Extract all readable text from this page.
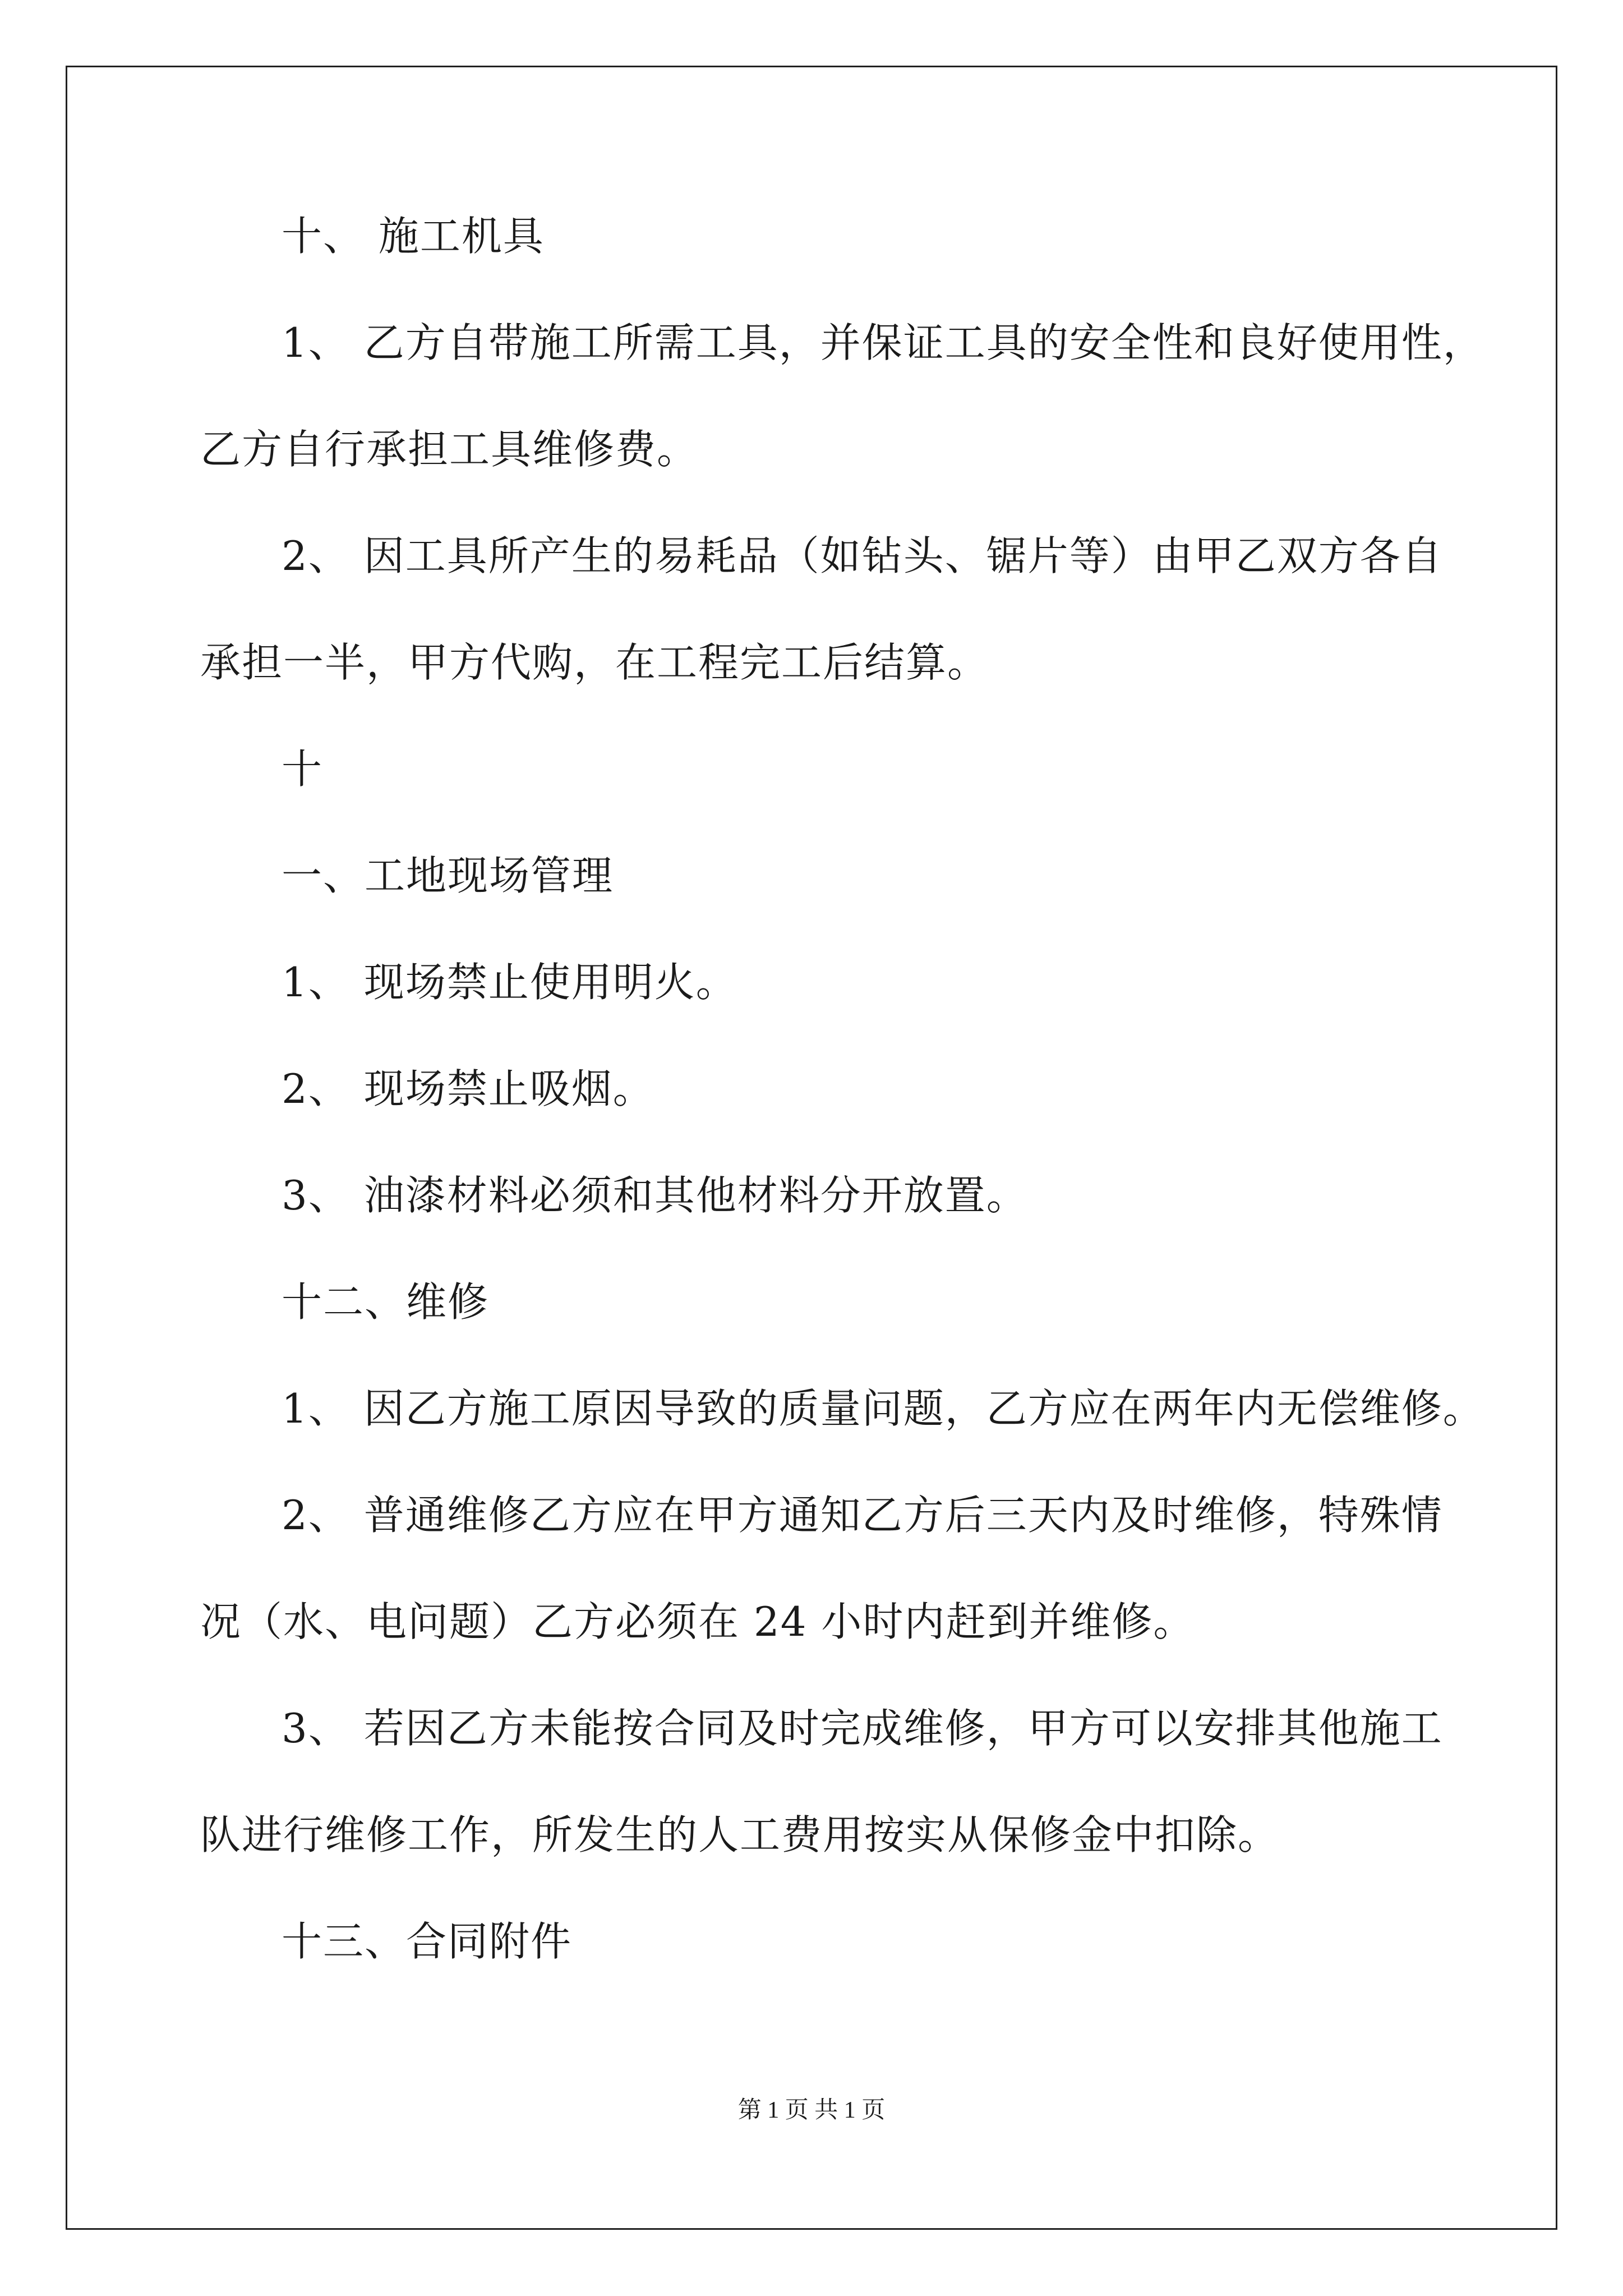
十、 施工机具
1、 乙方自带施工所需工具，并保证工具的安全性和良好使用性，
乙方自行承担工具维修费。
2、 因工具所产生的易耗品（如钻头、锯片等）由甲乙双方各自
承担一半，甲方代购，在工程完工后结算。
十
一、工地现场管理
1、 现场禁止使用明火。
2、 现场禁止吸烟。
3、 油漆材料必须和其他材料分开放置。
十二、维修
1、 因乙方施工原因导致的质量问题，乙方应在两年内无偿维修。
2、 普通维修乙方应在甲方通知乙方后三天内及时维修，特殊情
况（水、电问题）乙方必须在 24 小时内赶到并维修。
3、 若因乙方未能按合同及时完成维修，甲方可以安排其他施工
队进行维修工作，所发生的人工费用按实从保修金中扣除。
十三、合同附件
第 1 页 共 1 页
